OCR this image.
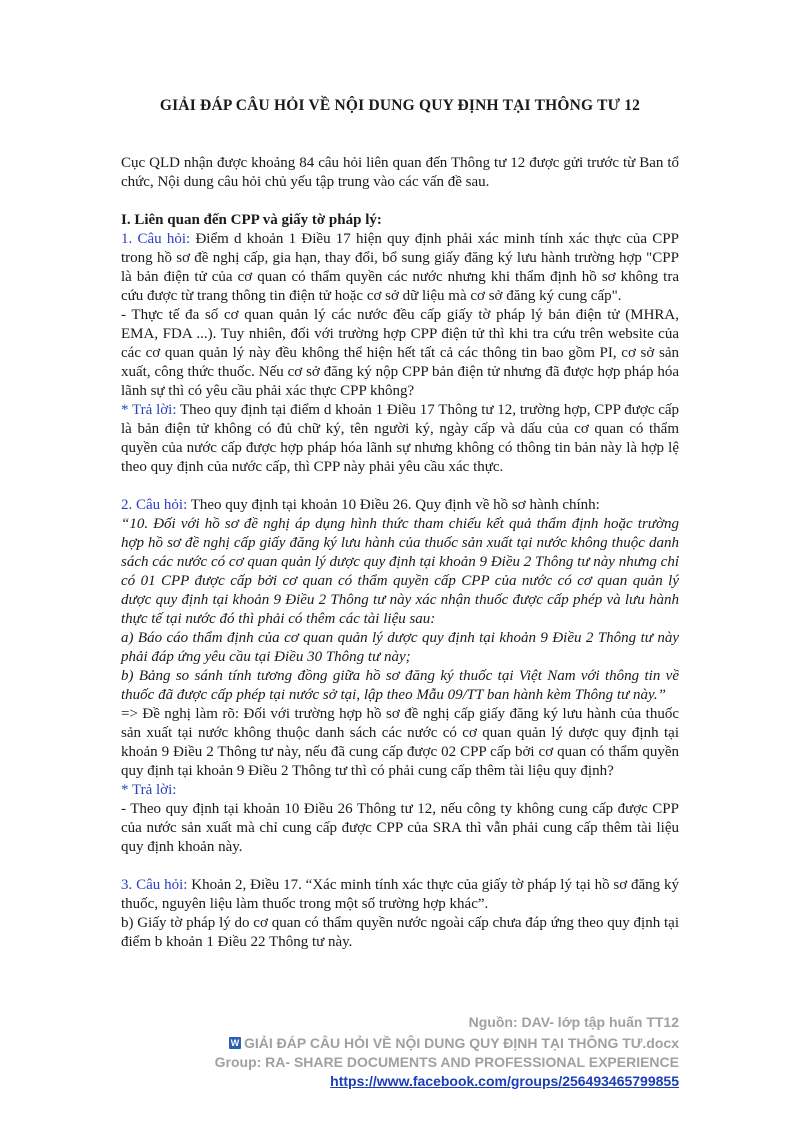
GIẢI ĐÁP CÂU HỎI VỀ NỘI DUNG QUY ĐỊNH TẠI THÔNG TƯ 12

Cục QLD nhận được khoảng 84 câu hỏi liên quan đến Thông tư 12 được gửi trước từ Ban tổ chức, Nội dung câu hỏi chủ yếu tập trung vào các vấn đề sau.

I. Liên quan đến CPP và giấy tờ pháp lý:

1. Câu hỏi: Điểm d khoản 1 Điều 17 hiện quy định phải xác minh tính xác thực của CPP trong hồ sơ đề nghị cấp, gia hạn, thay đổi, bổ sung giấy đăng ký lưu hành trường hợp "CPP là bản điện tử của cơ quan có thẩm quyền các nước nhưng khi thẩm định hồ sơ không tra cứu được từ trang thông tin điện tử hoặc cơ sở dữ liệu mà cơ sở đăng ký cung cấp".

- Thực tế đa số cơ quan quản lý các nước đều cấp giấy tờ pháp lý bản điện tử (MHRA, EMA, FDA ...). Tuy nhiên, đối với trường hợp CPP điện tử thì khi tra cứu trên website của các cơ quan quản lý này đều không thể hiện hết tất cả các thông tin bao gồm PI, cơ sở sản xuất, công thức thuốc. Nếu cơ sở đăng ký nộp CPP bản điện tử nhưng đã được hợp pháp hóa lãnh sự thì có yêu cầu phải xác thực CPP không?

* Trả lời: Theo quy định tại điểm d khoản 1 Điều 17 Thông tư 12, trường hợp, CPP được cấp là bản điện tử không có đủ chữ ký, tên người ký, ngày cấp và dấu của cơ quan có thẩm quyền của nước cấp được hợp pháp hóa lãnh sự nhưng không có thông tin bản này là hợp lệ theo quy định của nước cấp, thì CPP này phải yêu cầu xác thực.

2. Câu hỏi: Theo quy định tại khoản 10 Điều 26. Quy định về hồ sơ hành chính:

“10. Đối với hồ sơ đề nghị áp dụng hình thức tham chiếu kết quả thẩm định hoặc trường hợp hồ sơ đề nghị cấp giấy đăng ký lưu hành của thuốc sản xuất tại nước không thuộc danh sách các nước có cơ quan quản lý dược quy định tại khoản 9 Điều 2 Thông tư này nhưng chỉ có 01 CPP được cấp bởi cơ quan có thẩm quyền cấp CPP của nước có cơ quan quản lý dược quy định tại khoản 9 Điều 2 Thông tư này xác nhận thuốc được cấp phép và lưu hành thực tế tại nước đó thì phải có thêm các tài liệu sau:

a) Báo cáo thẩm định của cơ quan quản lý dược quy định tại khoản 9 Điều 2 Thông tư này phải đáp ứng yêu cầu tại Điều 30 Thông tư này;

b) Bảng so sánh tính tương đồng giữa hồ sơ đăng ký thuốc tại Việt Nam với thông tin về thuốc đã được cấp phép tại nước sở tại, lập theo Mẫu 09/TT ban hành kèm Thông tư này.”

=> Đề nghị làm rõ: Đối với trường hợp hồ sơ đề nghị cấp giấy đăng ký lưu hành của thuốc sản xuất tại nước không thuộc danh sách các nước có cơ quan quản lý dược quy định tại khoản 9 Điều 2 Thông tư này, nếu đã cung cấp được 02 CPP cấp bởi cơ quan có thẩm quyền quy định tại khoản 9 Điều 2 Thông tư thì có phải cung cấp thêm tài liệu quy định?

* Trả lời:

- Theo quy định tại khoản 10 Điều 26 Thông tư 12, nếu công ty không cung cấp được CPP của nước sản xuất mà chỉ cung cấp được CPP của SRA thì vẫn phải cung cấp thêm tài liệu quy định khoản này.

3. Câu hỏi: Khoản 2, Điều 17. “Xác minh tính xác thực của giấy tờ pháp lý tại hồ sơ đăng ký thuốc, nguyên liệu làm thuốc trong một số trường hợp khác”.

b) Giấy tờ pháp lý do cơ quan có thẩm quyền nước ngoài cấp chưa đáp ứng theo quy định tại điểm b khoản 1 Điều 22 Thông tư này.

Nguồn: DAV- lớp tập huấn TT12
W GIẢI ĐÁP CÂU HỎI VỀ NỘI DUNG QUY ĐỊNH TẠI THÔNG TƯ.docx
Group: RA- SHARE DOCUMENTS AND PROFESSIONAL EXPERIENCE
https://www.facebook.com/groups/256493465799855
